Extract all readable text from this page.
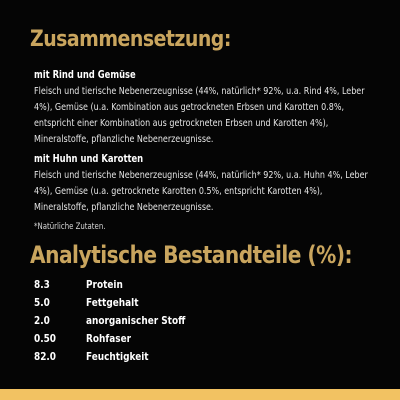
Zusammensetzung:
mit Rind und Gemüse
Fleisch und tierische Nebenerzeugnisse (44%, natürlich* 92%, u.a. Rind 4%, Leber 4%), Gemüse (u.a. Kombination aus getrockneten Erbsen und Karotten 0.8%, entspricht einer Kombination aus getrockneten Erbsen und Karotten 4%), Mineralstoffe, pflanzliche Nebenerzeugnisse.
mit Huhn und Karotten
Fleisch und tierische Nebenerzeugnisse (44%, natürlich* 92%, u.a. Huhn 4%, Leber 4%), Gemüse (u.a. getrocknete Karotten 0.5%, entspricht Karotten 4%), Mineralstoffe, pflanzliche Nebenerzeugnisse.
*Natürliche Zutaten.
Analytische Bestandteile (%):
8.3	Protein
5.0	Fettgehalt
2.0	anorganischer Stoff
0.50	Rohfaser
82.0	Feuchtigkeit
